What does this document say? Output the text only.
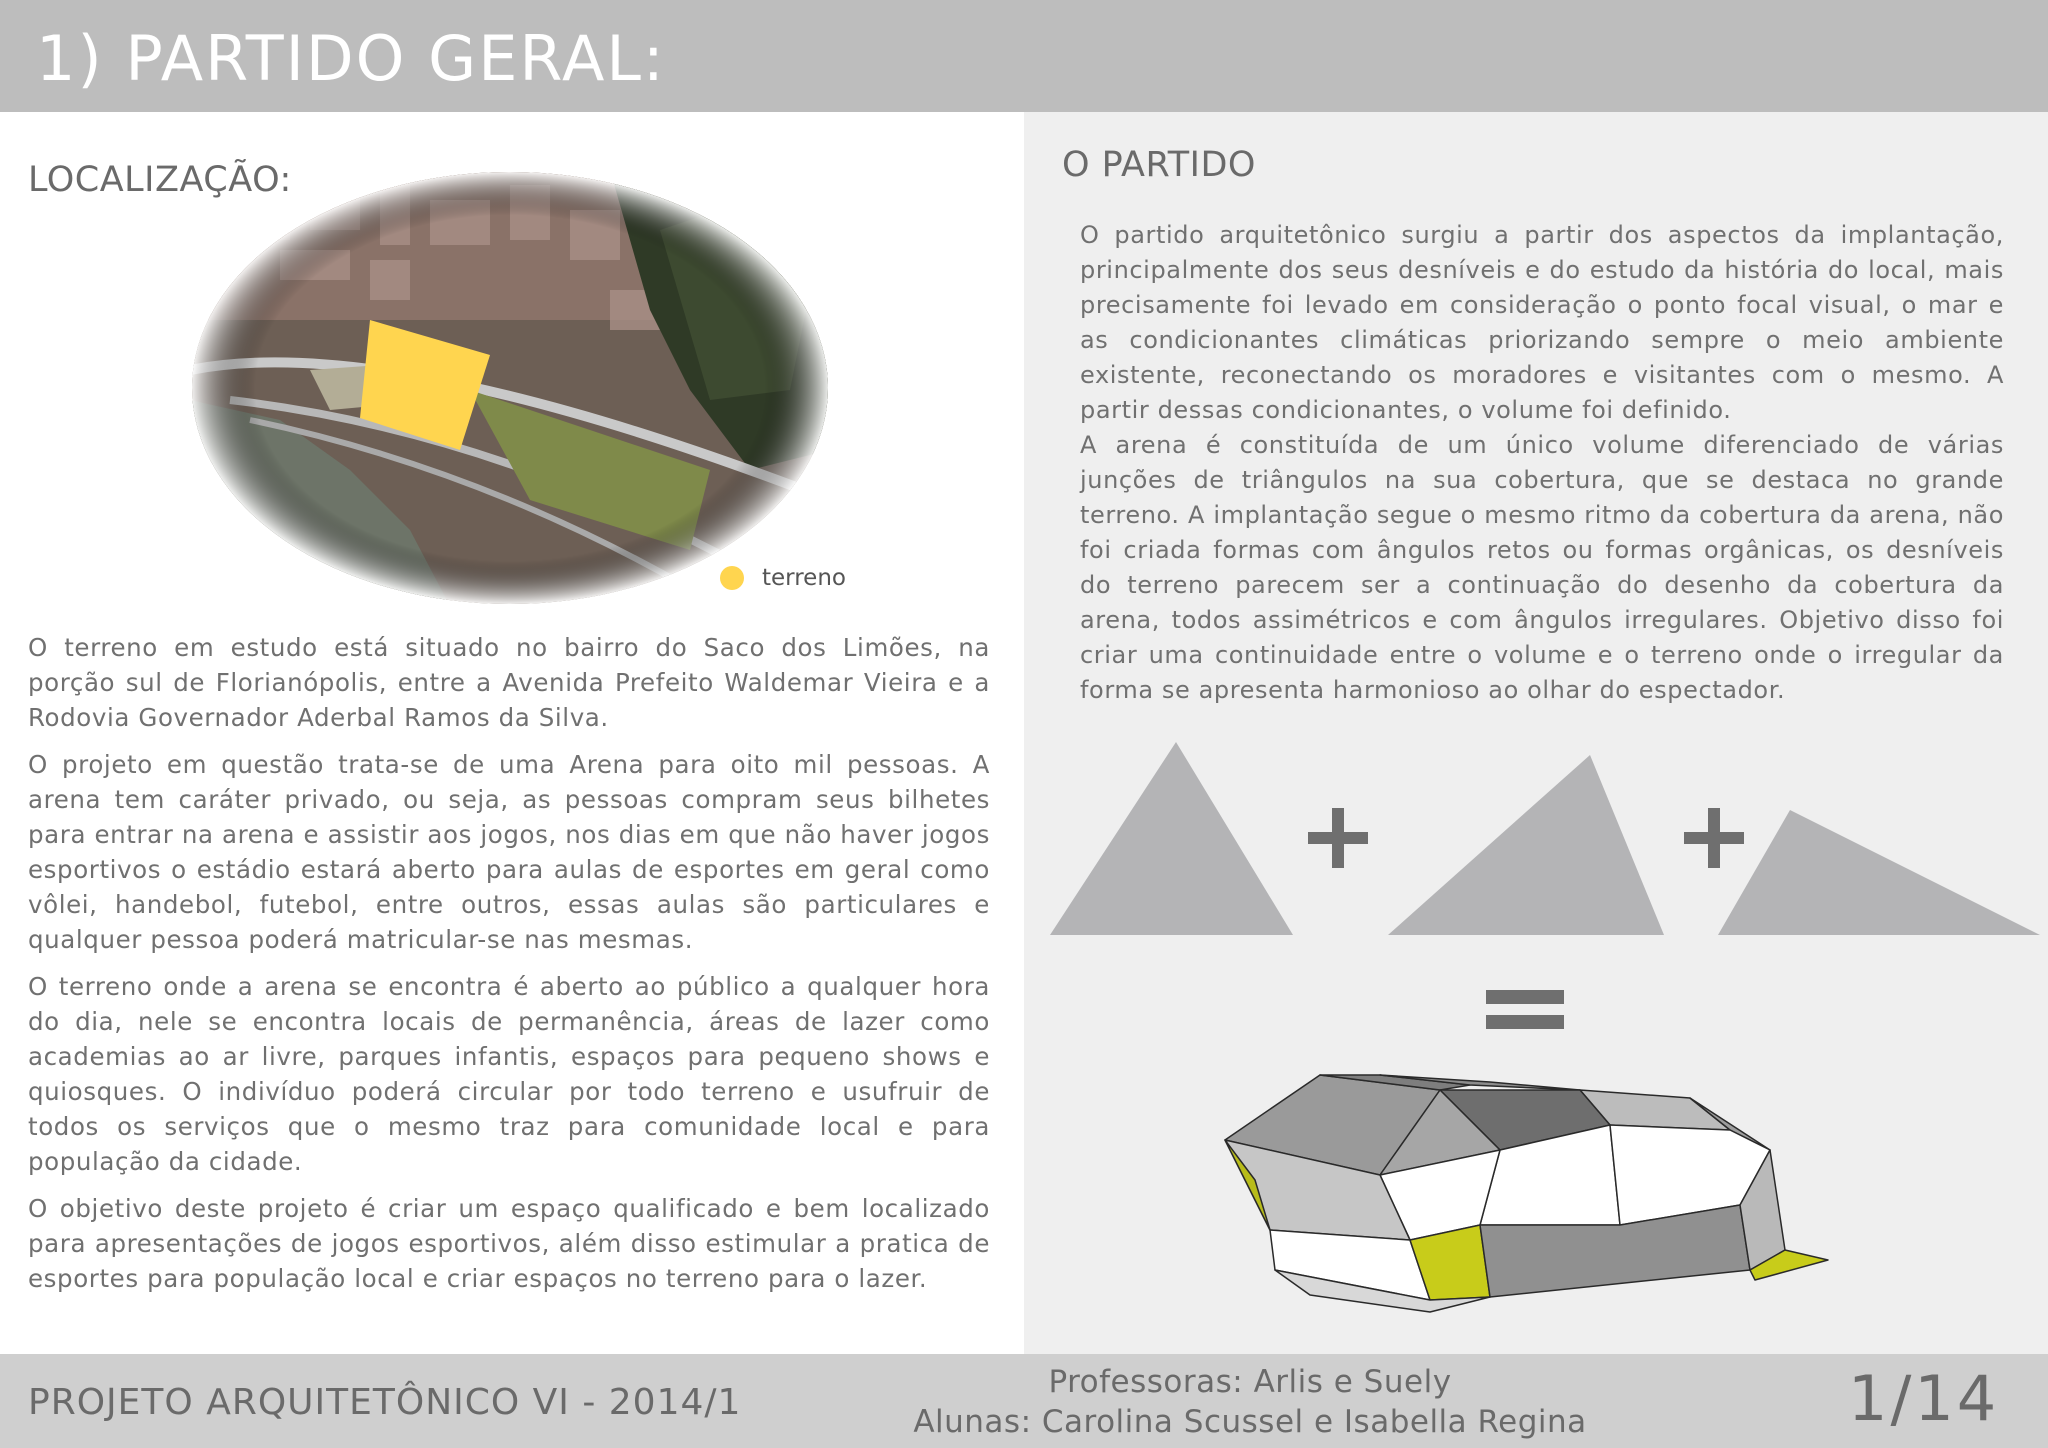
1) PARTIDO GERAL:
LOCALIZAÇÃO:
terreno

O terreno em estudo está situado no bairro do Saco dos Limões, na porção sul de Florianópolis, entre a Avenida Prefeito Waldemar Vieira e a Rodovia Governador Aderbal Ramos da Silva.

O projeto em questão trata-se de uma Arena para oito mil pessoas. A arena tem caráter privado, ou seja, as pessoas compram seus bilhetes para entrar na arena e assistir aos jogos, nos dias em que não haver jogos esportivos o estádio estará aberto para aulas de esportes em geral como vôlei, handebol, futebol, entre outros, essas aulas são particulares e qualquer pessoa poderá matricular-se nas mesmas.

O terreno onde a arena se encontra é aberto ao público a qualquer hora do dia, nele se encontra locais de permanência, áreas de lazer como academias ao ar livre, parques infantis, espaços para pequeno shows e quiosques. O indivíduo poderá circular por todo terreno e usufruir de todos os serviços que o mesmo traz para comunidade local e para população da cidade.

O objetivo deste projeto é criar um espaço qualificado e bem localizado para apresentações de jogos esportivos, além disso estimular a pratica de esportes para população local e criar espaços no terreno para o lazer.

O PARTIDO

O partido arquitetônico surgiu a partir dos aspectos da implantação, principalmente dos seus desníveis e do estudo da história do local, mais precisamente foi levado em consideração o ponto focal visual, o mar e as condicionantes climáticas priorizando sempre o meio ambiente existente, reconectando os moradores e visitantes com o mesmo. A partir dessas condicionantes, o volume foi definido.

A arena é constituída de um único volume diferenciado de várias junções de triângulos na sua cobertura, que se destaca no grande terreno. A implantação segue o mesmo ritmo da cobertura da arena, não foi criada formas com ângulos retos ou formas orgânicas, os desníveis do terreno parecem ser a continuação do desenho da cobertura da arena, todos assimétricos e com ângulos irregulares. Objetivo disso foi criar uma continuidade entre o volume e o terreno onde o irregular da forma se apresenta harmonioso ao olhar do espectador.

PROJETO ARQUITETÔNICO VI - 2014/1	Professoras: Arlis e Suely
Alunas: Carolina Scussel e Isabella Regina	1/14
